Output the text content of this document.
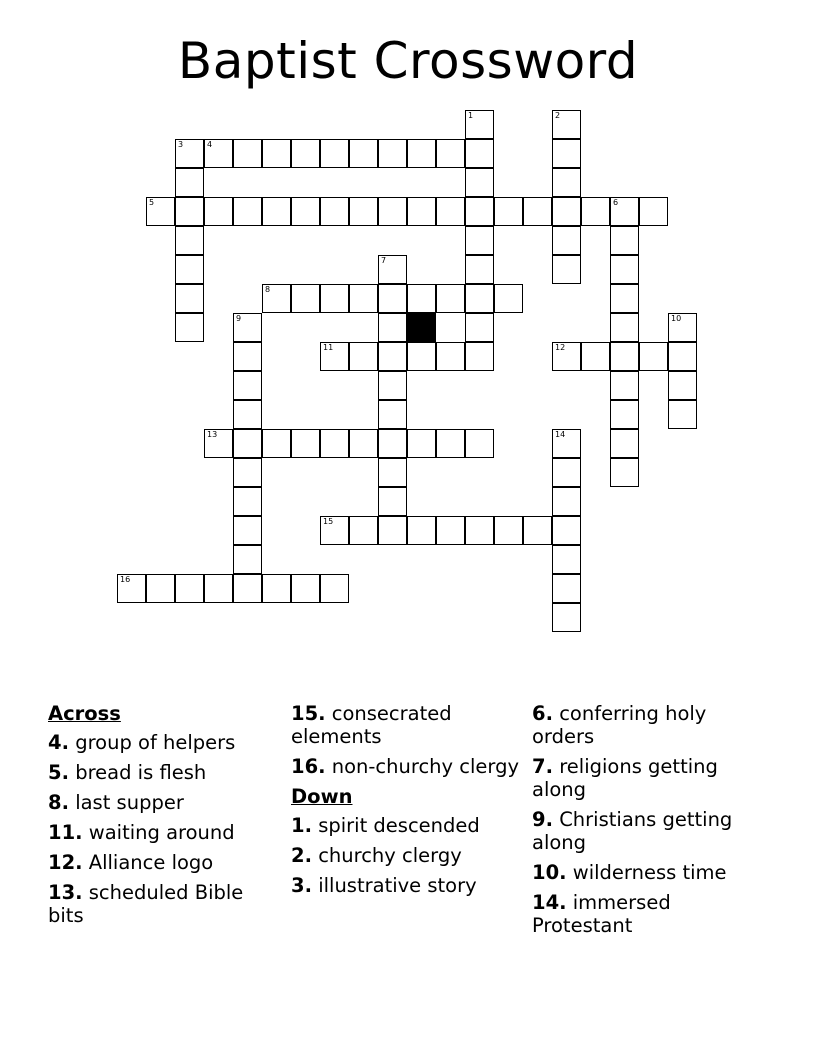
Baptist Crossword
4
5	6
8
11	12
13
15
16
1	2
3
7
9	10
14
Across
4. group of helpers
5. bread is flesh
8. last supper
11. waiting around
12. Alliance logo
13. scheduled Bible bits
15. consecrated elements
16. non-churchy clergy
Down
1. spirit descended
2. churchy clergy
3. illustrative story
6. conferring holy orders
7. religions getting along
9. Christians getting along
10. wilderness time
14. immersed Protestant
